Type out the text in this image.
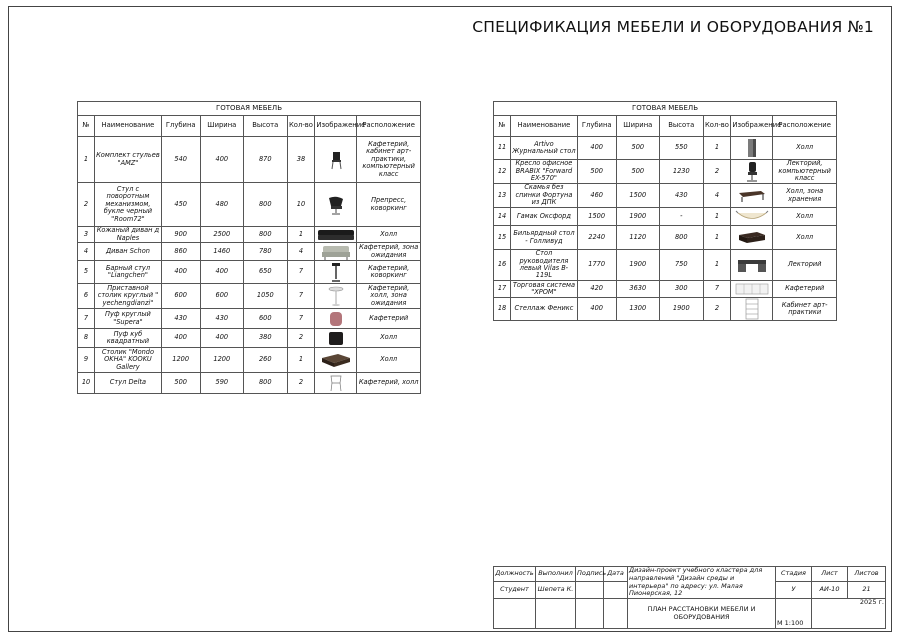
СПЕЦИФИКАЦИЯ МЕБЕЛИ И ОБОРУДОВАНИЯ №1
ГОТОВАЯ МЕБЕЛЬ							
№	Наименование	Глубина	Ширина	Высота	Кол-во	Изображение	Расположение
1	Комплект стульев "AMZ"	540	400	870	38		Кафетерий, кабинет арт-практики, компьютерный класс
2	Стул с поворотным механизмом, букле черный "Room72"	450	480	800	10		Препресс, коворкинг
3	Кожаный диван д Naples	900	2500	800	1		Холл
4	Диван Schon	860	1460	780	4		Кафетерий, зона ожидания
5	Барный стул "Liangchen"	400	400	650	7		Кафетерий, коворкинг
6	Приставной столик круглый " yechengdianzi"	600	600	1050	7		Кафетерий, холл, зона ожидания
7	Пуф круглый "Supera"	430	430	600	7		Кафетерий
8	Пуф куб квадратный	400	400	380	2		Холл
9	Столик "Mondo OKHA" KOOKU Gallery	1200	1200	260	1		Холл
10	Стул Delta	500	590	800	2		Кафетерий, холл
ГОТОВАЯ МЕБЕЛЬ							
№	Наименование	Глубина	Ширина	Высота	Кол-во	Изображение	Расположение
11	Artivo Журнальный стол	400	500	550	1		Холл
12	Кресло офисное BRABIX "Forward EX-570"	500	500	1230	2		Лекторий, компьютерный класс
13	Скамья без спинки Фортуна из ДПК	460	1500	430	4		Холл, зона хранения
14	Гамак Оксфорд	1500	1900	-	1		Холл
15	Бильярдный стол - Голливуд	2240	1120	800	1		Холл
16	Стол руководителя левый Vilas B-119L	1770	1900	750	1		Лекторий
17	Торговая система "ХРОМ"	420	3630	300	7		Кафетерий
18	Стеллаж Феникс	400	1300	1900	2		Кабинет арт-практики
Должность	Выполнил	Подпись	Дата	Дизайн-проект учебного кластера для направлений "Дизайн среды и интерьера" по адресу: ул. Малая Пионерская, 12	Стадия	Лист	Листов
Студент	Шепета К.				У	АИ-10	21
				ПЛАН РАССТАНОВКИ МЕБЕЛИ И ОБОРУДОВАНИЯ	М 1:100	2025 г.	
